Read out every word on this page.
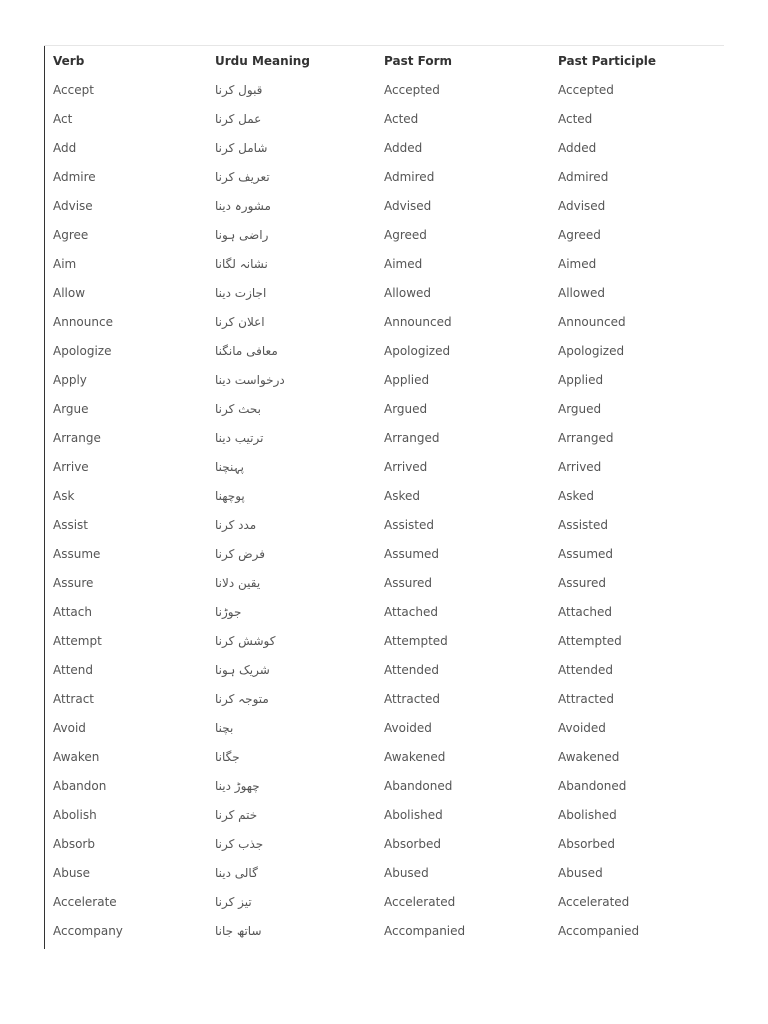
Verb	Urdu Meaning	Past Form	Past Participle
Accept	قبول کرنا	Accepted	Accepted
Act	عمل کرنا	Acted	Acted
Add	شامل کرنا	Added	Added
Admire	تعریف کرنا	Admired	Admired
Advise	مشورہ دینا	Advised	Advised
Agree	راضی ہونا	Agreed	Agreed
Aim	نشانہ لگانا	Aimed	Aimed
Allow	اجازت دینا	Allowed	Allowed
Announce	اعلان کرنا	Announced	Announced
Apologize	معافی مانگنا	Apologized	Apologized
Apply	درخواست دینا	Applied	Applied
Argue	بحث کرنا	Argued	Argued
Arrange	ترتیب دینا	Arranged	Arranged
Arrive	پہنچنا	Arrived	Arrived
Ask	پوچھنا	Asked	Asked
Assist	مدد کرنا	Assisted	Assisted
Assume	فرض کرنا	Assumed	Assumed
Assure	یقین دلانا	Assured	Assured
Attach	جوڑنا	Attached	Attached
Attempt	کوشش کرنا	Attempted	Attempted
Attend	شریک ہونا	Attended	Attended
Attract	متوجہ کرنا	Attracted	Attracted
Avoid	بچنا	Avoided	Avoided
Awaken	جگانا	Awakened	Awakened
Abandon	چھوڑ دینا	Abandoned	Abandoned
Abolish	ختم کرنا	Abolished	Abolished
Absorb	جذب کرنا	Absorbed	Absorbed
Abuse	گالی دینا	Abused	Abused
Accelerate	تیز کرنا	Accelerated	Accelerated
Accompany	ساتھ جانا	Accompanied	Accompanied
